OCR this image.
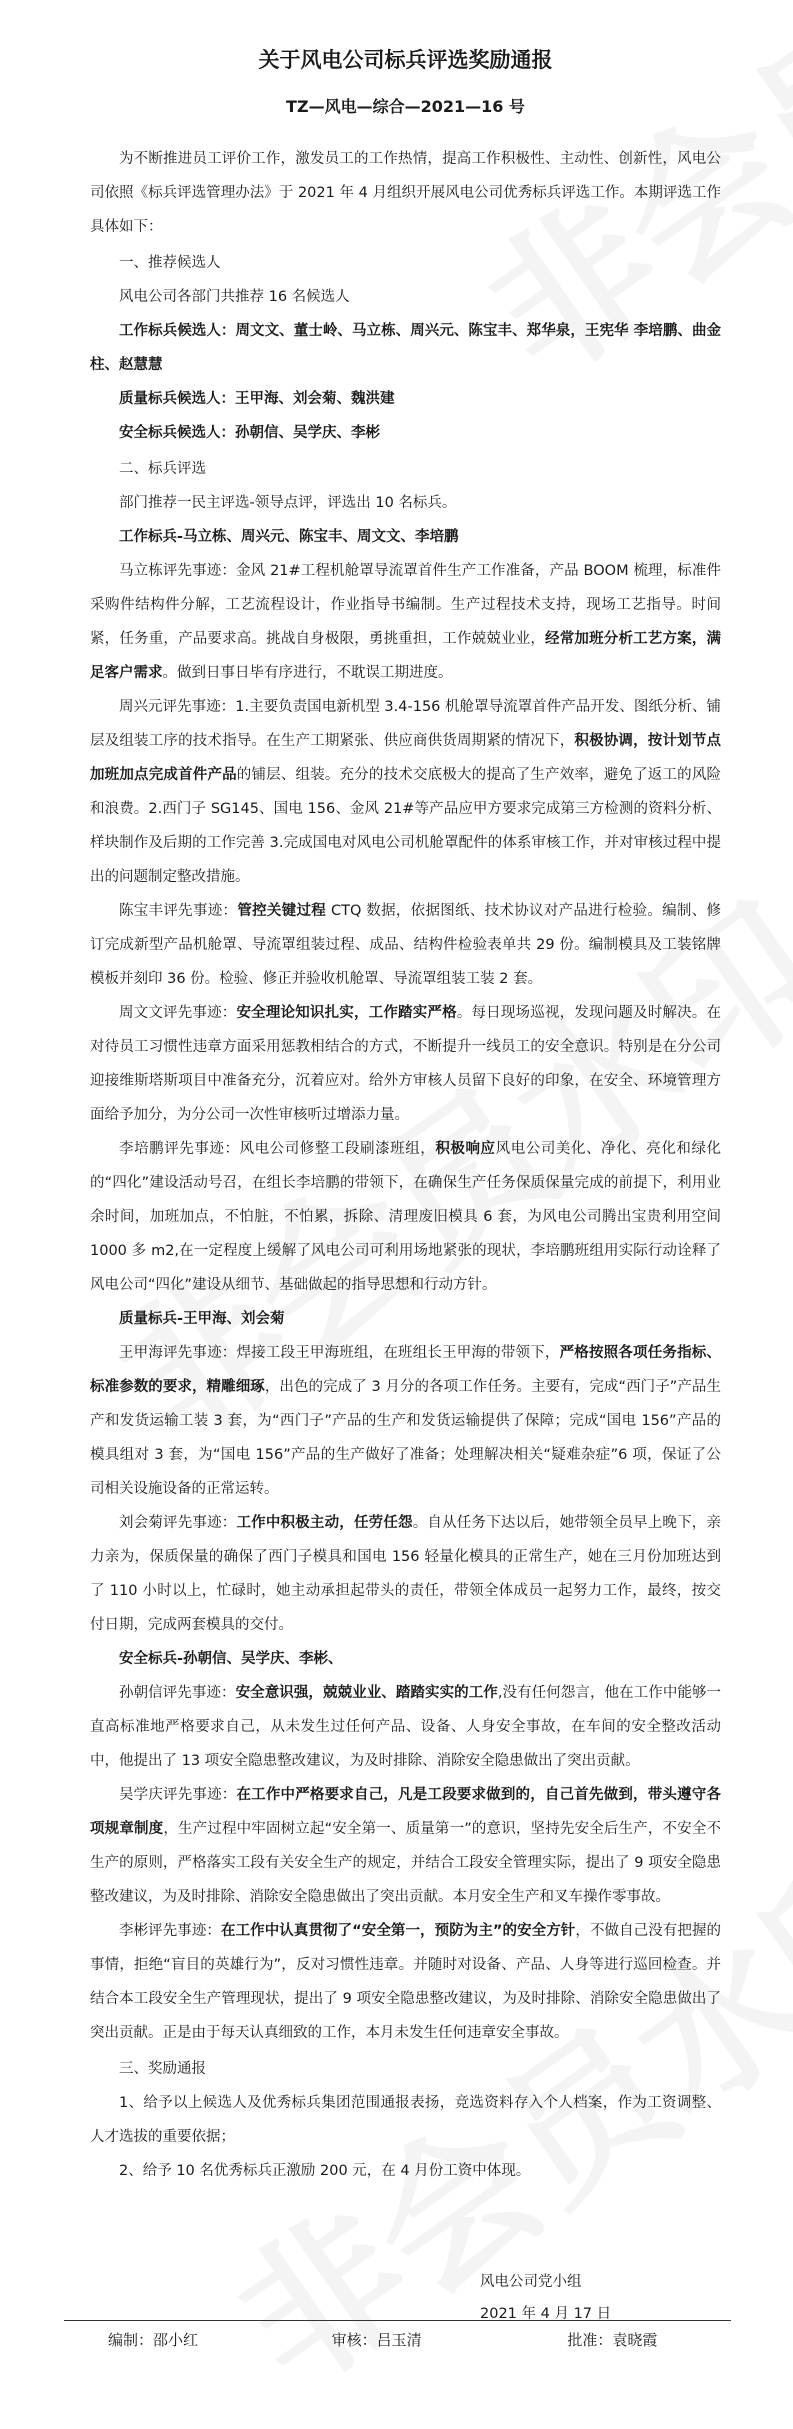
关于风电公司标兵评选奖励通报
TZ—风电—综合—2021—16 号

为不断推进员工评价工作，激发员工的工作热情，提高工作积极性、主动性、创新性，风电公司依照《标兵评选管理办法》于 2021 年 4 月组织开展风电公司优秀标兵评选工作。本期评选工作具体如下：

一、推荐候选人

风电公司各部门共推荐 16 名候选人

工作标兵候选人：周文文、董士岭、马立栋、周兴元、陈宝丰、郑华泉，王宪华 李培鹏、曲金柱、赵慧慧

质量标兵候选人：王甲海、刘会菊、魏洪建

安全标兵候选人：孙朝信、吴学庆、李彬

二、标兵评选

部门推荐一民主评选-领导点评，评选出 10 名标兵。

工作标兵-马立栋、周兴元、陈宝丰、周文文、李培鹏

马立栋评先事迹：金风 21#工程机舱罩导流罩首件生产工作准备，产品 BOOM 梳理，标准件采购件结构件分解，工艺流程设计，作业指导书编制。生产过程技术支持，现场工艺指导。时间紧，任务重，产品要求高。挑战自身极限，勇挑重担，工作兢兢业业，经常加班分析工艺方案，满足客户需求。做到日事日毕有序进行，不耽误工期进度。

周兴元评先事迹：1.主要负责国电新机型 3.4-156 机舱罩导流罩首件产品开发、图纸分析、铺层及组装工序的技术指导。在生产工期紧张、供应商供货周期紧的情况下，积极协调，按计划节点加班加点完成首件产品的铺层、组装。充分的技术交底极大的提高了生产效率，避免了返工的风险和浪费。2.西门子 SG145、国电 156、金风 21#等产品应甲方要求完成第三方检测的资料分析、样块制作及后期的工作完善 3.完成国电对风电公司机舱罩配件的体系审核工作，并对审核过程中提出的问题制定整改措施。

陈宝丰评先事迹：管控关键过程 CTQ 数据，依据图纸、技术协议对产品进行检验。编制、修订完成新型产品机舱罩、导流罩组装过程、成品、结构件检验表单共 29 份。编制模具及工装铭牌模板并刻印 36 份。检验、修正并验收机舱罩、导流罩组装工装 2 套。

周文文评先事迹：安全理论知识扎实，工作踏实严格。每日现场巡视，发现问题及时解决。在对待员工习惯性违章方面采用惩教相结合的方式，不断提升一线员工的安全意识。特别是在分公司迎接维斯塔斯项目中准备充分，沉着应对。给外方审核人员留下良好的印象，在安全、环境管理方面给予加分，为分公司一次性审核听过增添力量。

李培鹏评先事迹：风电公司修整工段刷漆班组，积极响应风电公司美化、净化、亮化和绿化的“四化”建设活动号召，在组长李培鹏的带领下，在确保生产任务保质保量完成的前提下，利用业余时间，加班加点，不怕脏，不怕累，拆除、清理废旧模具 6 套，为风电公司腾出宝贵利用空间 1000 多 m2,在一定程度上缓解了风电公司可利用场地紧张的现状，李培鹏班组用实际行动诠释了风电公司“四化”建设从细节、基础做起的指导思想和行动方针。

质量标兵-王甲海、刘会菊

王甲海评先事迹：焊接工段王甲海班组，在班组长王甲海的带领下，严格按照各项任务指标、标准参数的要求，精雕细琢，出色的完成了 3 月分的各项工作任务。主要有，完成“西门子”产品生产和发货运输工装 3 套，为“西门子”产品的生产和发货运输提供了保障；完成“国电 156”产品的模具组对 3 套，为“国电 156”产品的生产做好了准备；处理解决相关“疑难杂症”6 项，保证了公司相关设施设备的正常运转。

刘会菊评先事迹：工作中积极主动，任劳任怨。自从任务下达以后，她带领全员早上晚下，亲力亲为，保质保量的确保了西门子模具和国电 156 轻量化模具的正常生产，她在三月份加班达到了 110 小时以上，忙碌时，她主动承担起带头的责任，带领全体成员一起努力工作，最终，按交付日期，完成两套模具的交付。

安全标兵-孙朝信、吴学庆、李彬、

孙朝信评先事迹：安全意识强，兢兢业业、踏踏实实的工作,没有任何怨言，他在工作中能够一直高标准地严格要求自己，从未发生过任何产品、设备、人身安全事故，在车间的安全整改活动中，他提出了 13 项安全隐患整改建议，为及时排除、消除安全隐患做出了突出贡献。

吴学庆评先事迹：在工作中严格要求自己，凡是工段要求做到的，自己首先做到，带头遵守各项规章制度，生产过程中牢固树立起“安全第一、质量第一”的意识，坚持先安全后生产，不安全不生产的原则，严格落实工段有关安全生产的规定，并结合工段安全管理实际，提出了 9 项安全隐患整改建议，为及时排除、消除安全隐患做出了突出贡献。本月安全生产和叉车操作零事故。

李彬评先事迹：在工作中认真贯彻了“安全第一，预防为主”的安全方针，不做自己没有把握的事情，拒绝“盲目的英雄行为”，反对习惯性违章。并随时对设备、产品、人身等进行巡回检查。并结合本工段安全生产管理现状，提出了 9 项安全隐患整改建议，为及时排除、消除安全隐患做出了突出贡献。正是由于每天认真细致的工作，本月未发生任何违章安全事故。

三、奖励通报

1、给予以上候选人及优秀标兵集团范围通报表扬，竞选资料存入个人档案，作为工资调整、人才选拔的重要依据；

2、给予 10 名优秀标兵正激励 200 元，在 4 月份工资中体现。

风电公司党小组
2021 年 4 月 17 日
编制：邵小红	审核：吕玉清	批准：袁晓霞
